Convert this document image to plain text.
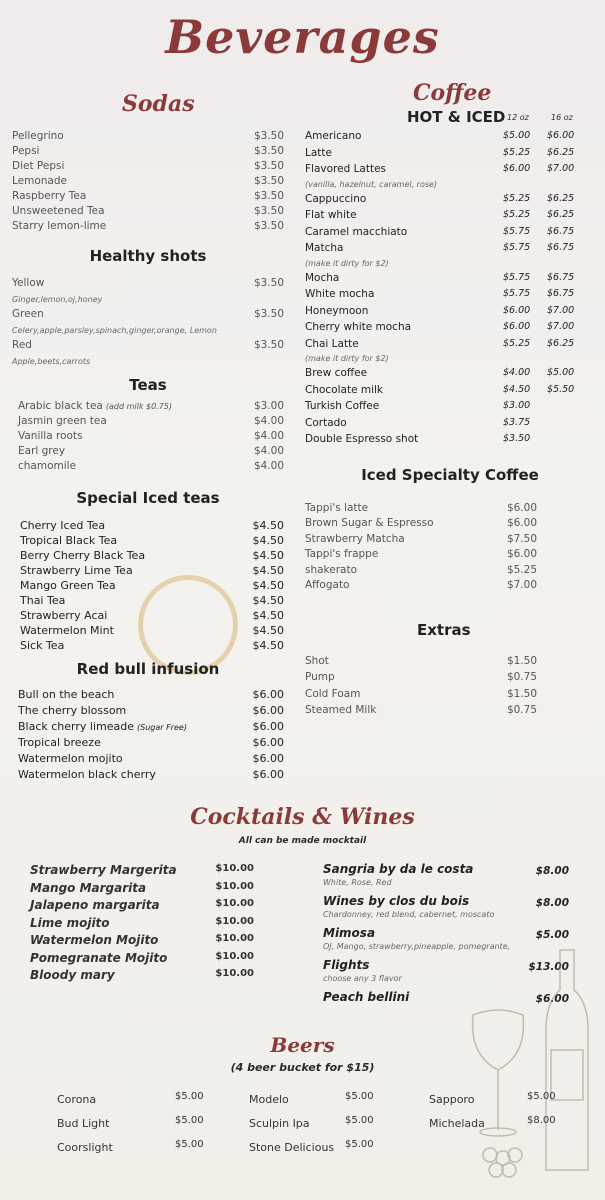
Beverages
Sodas
Pellegrino	$3.50
Pepsi	$3.50
Diet Pepsi	$3.50
Lemonade	$3.50
Raspberry Tea	$3.50
Unsweetened Tea	$3.50
Starry lemon-lime	$3.50
Healthy shots
Yellow	$3.50
Ginger,lemon,oj,honey
Green	$3.50
Celery,apple,parsley,spinach,ginger,orange, Lemon
Red	$3.50
Apple,beets,carrots
Teas
Arabic black tea (add milk $0.75)	$3.00
Jasmin green tea	$4.00
Vanilla roots	$4.00
Earl grey	$4.00
chamomile	$4.00
Special Iced teas
Cherry Iced Tea	$4.50
Tropical Black Tea	$4.50
Berry Cherry Black Tea	$4.50
Strawberry Lime Tea	$4.50
Mango Green Tea	$4.50
Thai Tea	$4.50
Strawberry Acai	$4.50
Watermelon Mint	$4.50
Sick Tea	$4.50
Red bull infusion
Bull on the beach	$6.00
The cherry blossom	$6.00
Black cherry limeade (Sugar Free)	$6.00
Tropical breeze	$6.00
Watermelon mojito	$6.00
Watermelon black cherry	$6.00
Coffee
HOT & ICED 12 oz	16 oz
Americano	$5.00 $6.00
Latte	$5.25 $6.25
Flavored Lattes	$6.00 $7.00
(vanilla, hazelnut, caramel, rose)
Cappuccino	$5.25 $6.25
Flat white	$5.25 $6.25
Caramel macchiato	$5.75 $6.75
Matcha	$5.75 $6.75
(make it dirty for $2)
Mocha	$5.75 $6.75
White mocha	$5.75 $6.75
Honeymoon	$6.00 $7.00
Cherry white mocha	$6.00 $7.00
Chai Latte	$5.25 $6.25
(make it dirty for $2)
Brew coffee	$4.00 $5.00
Chocolate milk	$4.50 $5.50
Turkish Coffee	$3.00
Cortado	$3.75
Double Espresso shot	$3.50
Iced Specialty Coffee
Tappi's latte	$6.00
Brown Sugar & Espresso	$6.00
Strawberry Matcha	$7.50
Tappi's frappe	$6.00
shakerato	$5.25
Affogato	$7.00
Extras
Shot	$1.50
Pump	$0.75
Cold Foam	$1.50
Steamed Milk	$0.75
Cocktails & Wines
All can be made mocktail
Strawberry Margerita	$10.00
Mango Margarita	$10.00
Jalapeno margarita	$10.00
Lime mojito	$10.00
Watermelon Mojito	$10.00
Pomegranate Mojito	$10.00
Bloody mary	$10.00
Sangria by da le costa	$8.00
White, Rose, Red
Wines by clos du bois	$8.00
Chardonney, red blend, cabernet, moscato
Mimosa	$5.00
OJ, Mango, strawberry,pineapple, pomegrante,
Flights	$13.00
choose any 3 flavor
Peach bellini	$6.00
Beers
(4 beer bucket for $15)
Corona	$5.00
Bud Light	$5.00
Coorslight	$5.00
Modelo	$5.00
Sculpin Ipa	$5.00
Stone Delicious $5.00
Sapporo	$5.00
Michelada	$8.00
